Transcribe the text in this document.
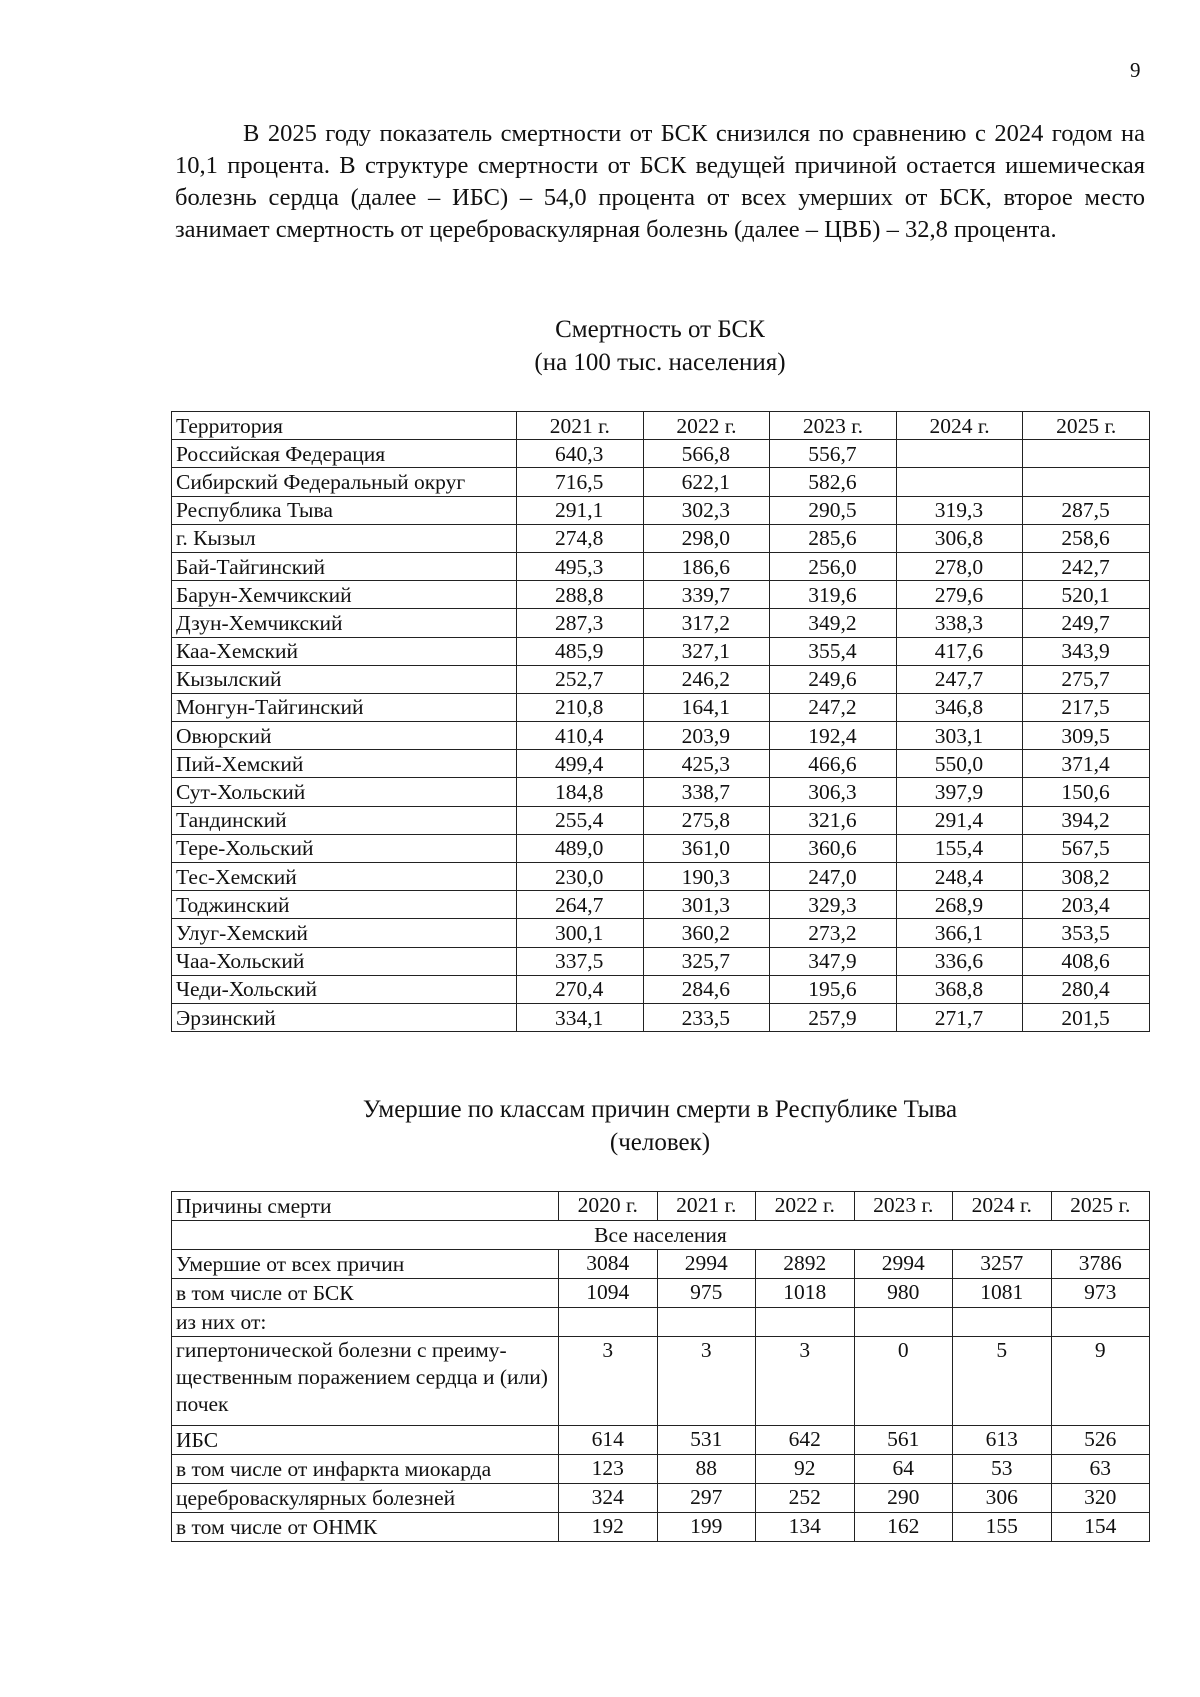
9

В 2025 году показатель смертности от БСК снизился по сравнению с 2024 годом на 10,1 процента. В структуре смертности от БСК ведущей причиной остается ишемическая болезнь сердца (далее – ИБС) – 54,0 процента от всех умерших от БСК, второе место занимает смертность от цереброваскулярная болезнь (далее – ЦВБ) – 32,8 процента.

Смертность от БСК
(на 100 тыс. населения)
Территория	2021 г.	2022 г.	2023 г.	2024 г.	2025 г.
Российская Федерация	640,3	566,8	556,7		
Сибирский Федеральный округ	716,5	622,1	582,6		
Республика Тыва	291,1	302,3	290,5	319,3	287,5
г. Кызыл	274,8	298,0	285,6	306,8	258,6
Бай-Тайгинский	495,3	186,6	256,0	278,0	242,7
Барун-Хемчикский	288,8	339,7	319,6	279,6	520,1
Дзун-Хемчикский	287,3	317,2	349,2	338,3	249,7
Каа-Хемский	485,9	327,1	355,4	417,6	343,9
Кызылский	252,7	246,2	249,6	247,7	275,7
Монгун-Тайгинский	210,8	164,1	247,2	346,8	217,5
Овюрский	410,4	203,9	192,4	303,1	309,5
Пий-Хемский	499,4	425,3	466,6	550,0	371,4
Сут-Хольский	184,8	338,7	306,3	397,9	150,6
Тандинский	255,4	275,8	321,6	291,4	394,2
Тере-Хольский	489,0	361,0	360,6	155,4	567,5
Тес-Хемский	230,0	190,3	247,0	248,4	308,2
Тоджинский	264,7	301,3	329,3	268,9	203,4
Улуг-Хемский	300,1	360,2	273,2	366,1	353,5
Чаа-Хольский	337,5	325,7	347,9	336,6	408,6
Чеди-Хольский	270,4	284,6	195,6	368,8	280,4
Эрзинский	334,1	233,5	257,9	271,7	201,5
Умершие по классам причин смерти в Республике Тыва
(человек)
Причины смерти	2020 г.	2021 г.	2022 г.	2023 г.	2024 г.	2025 г.
Все населения						
Умершие от всех причин	3084	2994	2892	2994	3257	3786
в том числе от БСК	1094	975	1018	980	1081	973
из них от:						
гипертонической болезни с преиму- щественным поражением сердца и (или) почек	3	3	3	0	5	9
ИБС	614	531	642	561	613	526
в том числе от инфаркта миокарда	123	88	92	64	53	63
цереброваскулярных болезней	324	297	252	290	306	320
в том числе от ОНМК	192	199	134	162	155	154
